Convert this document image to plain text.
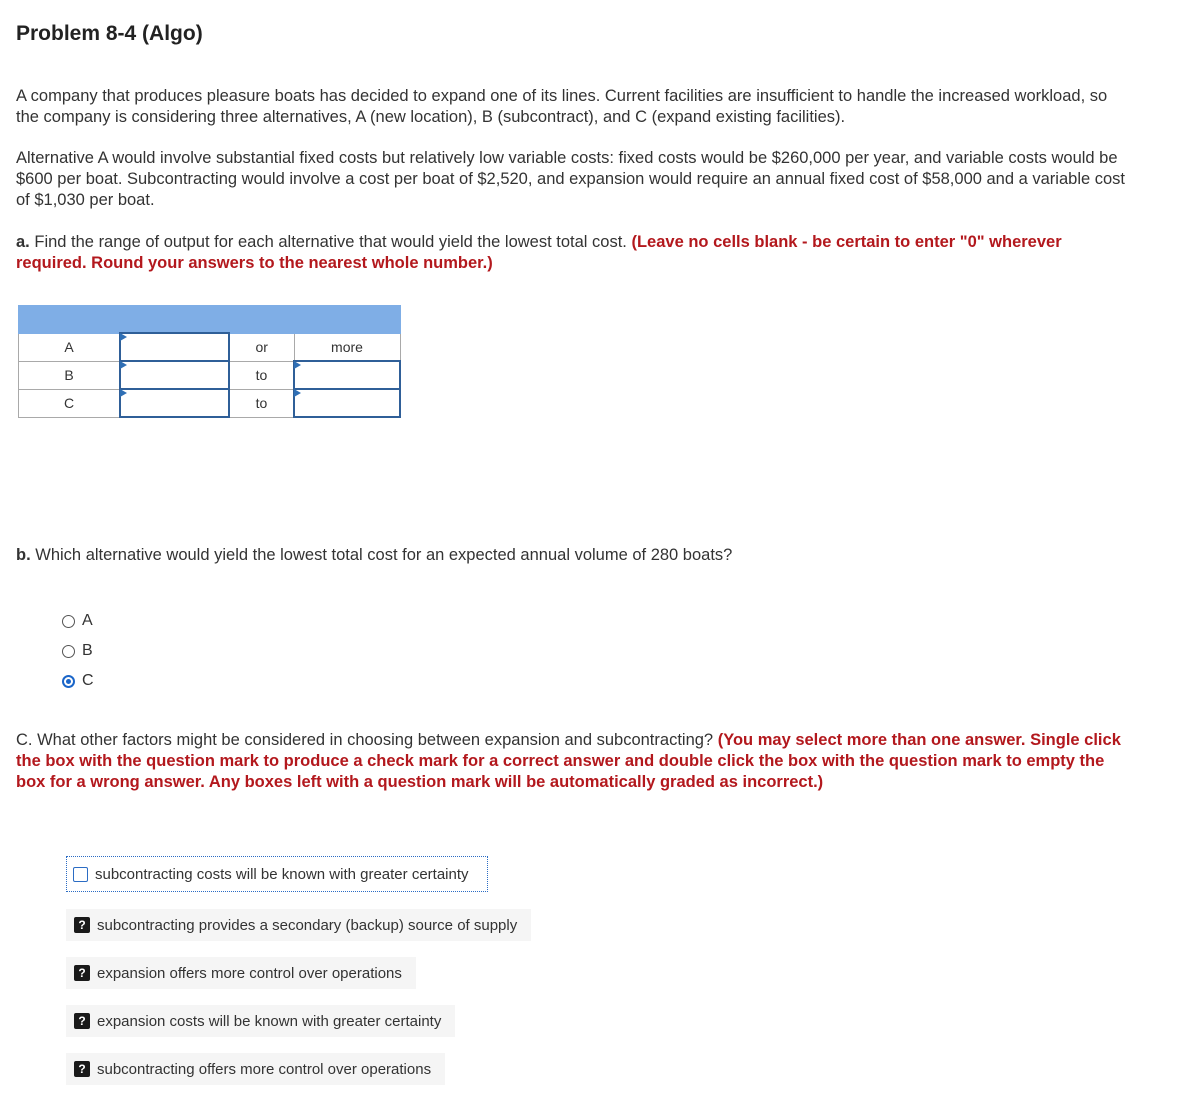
Problem 8-4 (Algo)
A company that produces pleasure boats has decided to expand one of its lines. Current facilities are insufficient to handle the increased workload, so the company is considering three alternatives, A (new location), B (subcontract), and C (expand existing facilities).
Alternative A would involve substantial fixed costs but relatively low variable costs: fixed costs would be $260,000 per year, and variable costs would be $600 per boat. Subcontracting would involve a cost per boat of $2,520, and expansion would require an annual fixed cost of $58,000 and a variable cost of $1,030 per boat.
a. Find the range of output for each alternative that would yield the lowest total cost. (Leave no cells blank - be certain to enter "0" wherever required. Round your answers to the nearest whole number.)

A		or	more
B		to	
C		to	
b. Which alternative would yield the lowest total cost for an expected annual volume of 280 boats?
A
B
C
C. What other factors might be considered in choosing between expansion and subcontracting? (You may select more than one answer. Single click the box with the question mark to produce a check mark for a correct answer and double click the box with the question mark to empty the box for a wrong answer. Any boxes left with a question mark will be automatically graded as incorrect.)
subcontracting costs will be known with greater certainty
? subcontracting provides a secondary (backup) source of supply
? expansion offers more control over operations
? expansion costs will be known with greater certainty
? subcontracting offers more control over operations
